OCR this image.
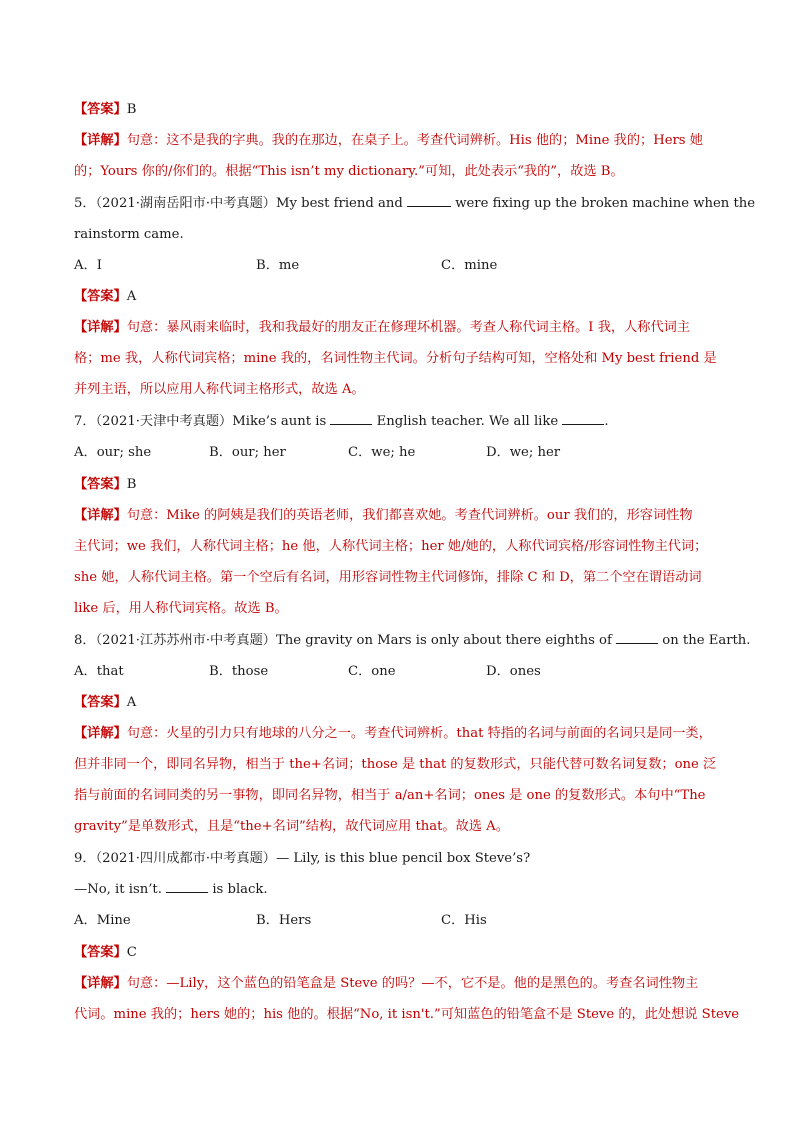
【答案】B
【详解】句意：这不是我的字典。我的在那边，在桌子上。考查代词辨析。His 他的；Mine 我的；Hers 她
的；Yours 你的/你们的。根据“This isn’t my dictionary.”可知，此处表示“我的”，故选 B。
5．（2021·湖南岳阳市·中考真题）My best friend and	were fixing up the broken machine when the
rainstorm came.
A．I	B．me	C．mine
【答案】A
【详解】句意：暴风雨来临时，我和我最好的朋友正在修理坏机器。考查人称代词主格。I 我，人称代词主
格；me 我，人称代词宾格；mine 我的，名词性物主代词。分析句子结构可知，空格处和 My best friend 是
并列主语，所以应用人称代词主格形式，故选 A。
7．（2021·天津中考真题）Mike’s aunt is	English teacher. We all like	.
A．our; she	B．our; her	C．we; he	D．we; her
【答案】B
【详解】句意：Mike 的阿姨是我们的英语老师，我们都喜欢她。考查代词辨析。our 我们的，形容词性物
主代词；we 我们，人称代词主格；he 他，人称代词主格；her 她/她的，人称代词宾格/形容词性物主代词；
she 她，人称代词主格。第一个空后有名词，用形容词性物主代词修饰，排除 C 和 D，第二个空在谓语动词
like 后，用人称代词宾格。故选 B。
8．（2021·江苏苏州市·中考真题）The gravity on Mars is only about there eighths of	on the Earth.
A．that	B．those	C．one	D．ones
【答案】A
【详解】句意：火星的引力只有地球的八分之一。考查代词辨析。that 特指的名词与前面的名词只是同一类，
但并非同一个，即同名异物，相当于 the+名词；those 是 that 的复数形式，只能代替可数名词复数；one 泛
指与前面的名词同类的另一事物，即同名异物，相当于 a/an+名词；ones 是 one 的复数形式。本句中“The
gravity”是单数形式，且是“the+名词”结构，故代词应用 that。故选 A。
9．（2021·四川成都市·中考真题）— Lily, is this blue pencil box Steve’s?
—No, it isn’t.	is black.
A．Mine	B．Hers	C．His
【答案】C
【详解】句意：—Lily，这个蓝色的铅笔盒是 Steve 的吗？—不，它不是。他的是黑色的。考查名词性物主
代词。mine 我的；hers 她的；his 他的。根据“No, it isn't.”可知蓝色的铅笔盒不是 Steve 的，此处想说 Steve
